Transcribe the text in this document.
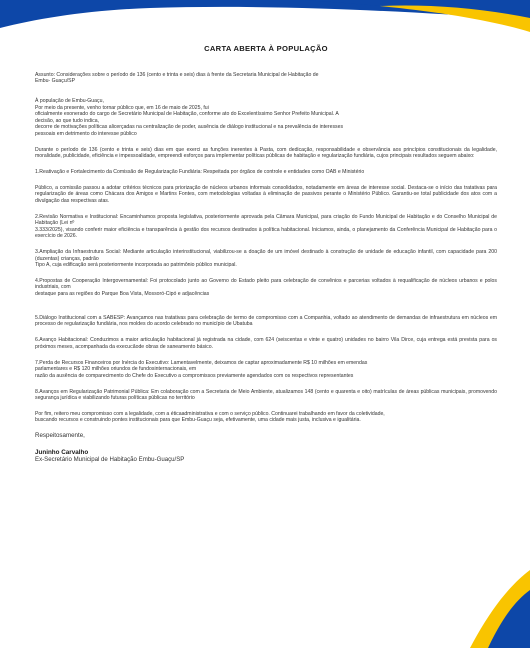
CARTA ABERTA À POPULAÇÃO

Assunto: Considerações sobre o período de 136 (cento e trinta e seis) dias à frente da Secretaria Municipal de Habitação de
Embu- Guaçu/SP

À população de Embu-Guaçu,
Por meio da presente, venho tornar público que, em 16 de maio de 2025, fui
oficialmente exonerado do cargo de Secretário Municipal de Habitação, conforme ato do Excelentíssimo Senhor Prefeito Municipal. A
decisão, ao que tudo indica,
decorre de motivações políticas alicerçadas na centralização de poder, ausência de diálogo institucional e na prevalência de interesses
pessoais em detrimento do interesse público

Durante o período de 136 (cento e trinta e seis) dias em que exerci as funções inerentes à Pasta, com dedicação, responsabilidade e observância aos princípios constitucionais da legalidade, moralidade, publicidade, eficiência e impessoalidade, empreendi esforços para implementar políticas públicas de habitação e regularização fundiária, cujos principais resultados seguem abaixo:

1.Reativação e Fortalecimento da Comissão de Regularização Fundiária: Respeitada por órgãos de controle e entidades como OAB e Ministério

Público, a comissão passou a adotar critérios técnicos para priorização de núcleos urbanos informais consolidados, notadamente em áreas de interesse social. Destaca-se o início das tratativas para regularização de áreas como Chácara dos Amigos e Martins Fontes, com metodologias voltadas à eliminação de passivos perante o Ministério Público. Garantiu-se total publicidade dos atos com a divulgação das respectivas atas.

2.Revisão Normativa e Institucional: Encaminhamos proposta legislativa, posteriormente aprovada pela Câmara Municipal, para criação do Fundo Municipal de Habitação e do Conselho Municipal de Habitação (Lei nº
3.333/2025), visando conferir maior eficiência e transparência à gestão dos recursos destinados à política habitacional. Iniciamos, ainda, o planejamento da Conferência Municipal de Habitação para o exercício de 2026.

3.Ampliação da Infraestrutura Social: Mediante articulação interinstitucional, viabilizou-se a doação de um imóvel destinado à construção de unidade de educação infantil, com capacidade para 200 (duzentas) crianças, padrão
Tipo A, cuja edificação será posteriormente incorporada ao patrimônio público municipal.

4.Propostas de Cooperação Intergovernamental: Foi protocolado junto ao Governo do Estado pleito para celebração de convênios e parcerias voltados à requalificação de núcleos urbanos e polos industriais, com
destaque para as regiões do Parque Boa Vista, Mossoró-Cipó e adjacências

5.Diálogo Institucional com a SABESP: Avançamos nas tratativas para celebração de termo de compromisso com a Companhia, voltado ao atendimento de demandas de infraestrutura em núcleos em processo de regularização fundiária, nos moldes do acordo celebrado no município de Ubatuba

6.Avanço Habitacional: Conduzimos a maior articulação habitacional já registrada na cidade, com 624 (seiscentas e vinte e quatro) unidades no bairro Vila Dirce, cuja entrega está prevista para os próximos meses, acompanhada da execucãode obras de saneamento básico.

7.Perda de Recursos Financeiros por Inércia do Executivo: Lamentavelmente, deixamos de captar aproximadamente R$ 10 milhões em emendas
parlamentares e R$ 120 milhões oriundos de fundosinternacionais, em
razão da ausência de comparecimento do Chefe do Executivo a compromissos previamente agendados com os respectivos representantes

8.Avanços em Regularização Patrimonial Pública: Em colaboração com a Secretaria de Meio Ambiente, atualizamos 148 (cento e quarenta e oito) matrículas de áreas públicas municipais, promovendo segurança jurídica e viabilizando futuras políticas públicas no território

Por fim, reitero meu compromisso com a legalidade, com a éticaadministrativa e com o serviço público. Continuarei trabalhando em favor da coletividade,
buscando recursos e construindo pontes institucionais para que Embu-Guaçu seja, efetivamente, uma cidade mais justa, inclusiva e igualitária.

Respeitosamente,

Juninho Carvalho

Ex-Secretário Municipal de Habitação Embu-Guaçu/SP
